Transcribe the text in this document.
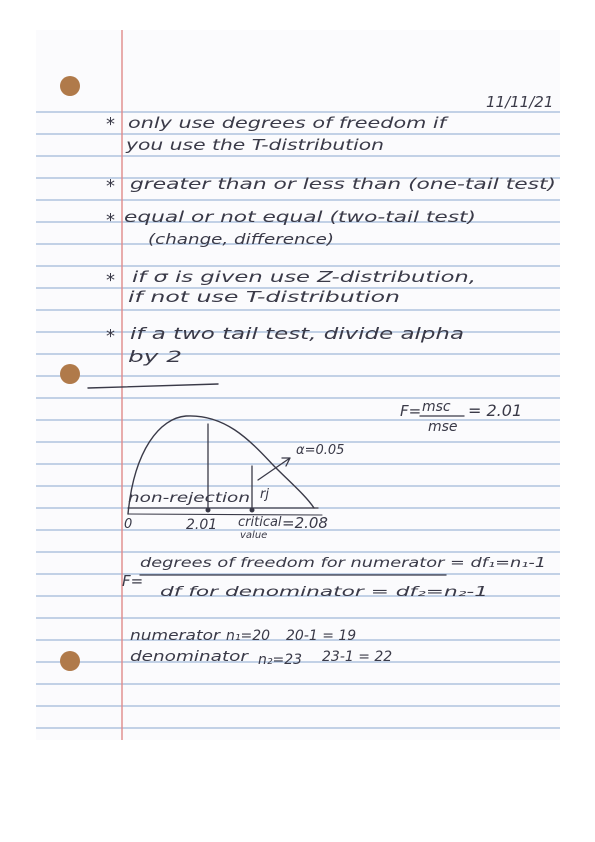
11/11/21
* only use degrees of freedom if
you use the T-distribution
* greater than or less than (one-tail test)
* equal or not equal (two-tail test)
(change, difference)
* if σ is given use Z-distribution,
if not use T-distribution
* if a two tail test, divide alpha
by 2
F= msc
mse
= 2.01
α=0.05
non-rejection rj
0	2.01 critical
value
=2.08
F=
degrees of freedom for numerator = df₁=n₁-1
df for denominator = df₂=n₂-1
numerator n₁=20 20-1 = 19
denominator n₂=23 23-1 = 22
